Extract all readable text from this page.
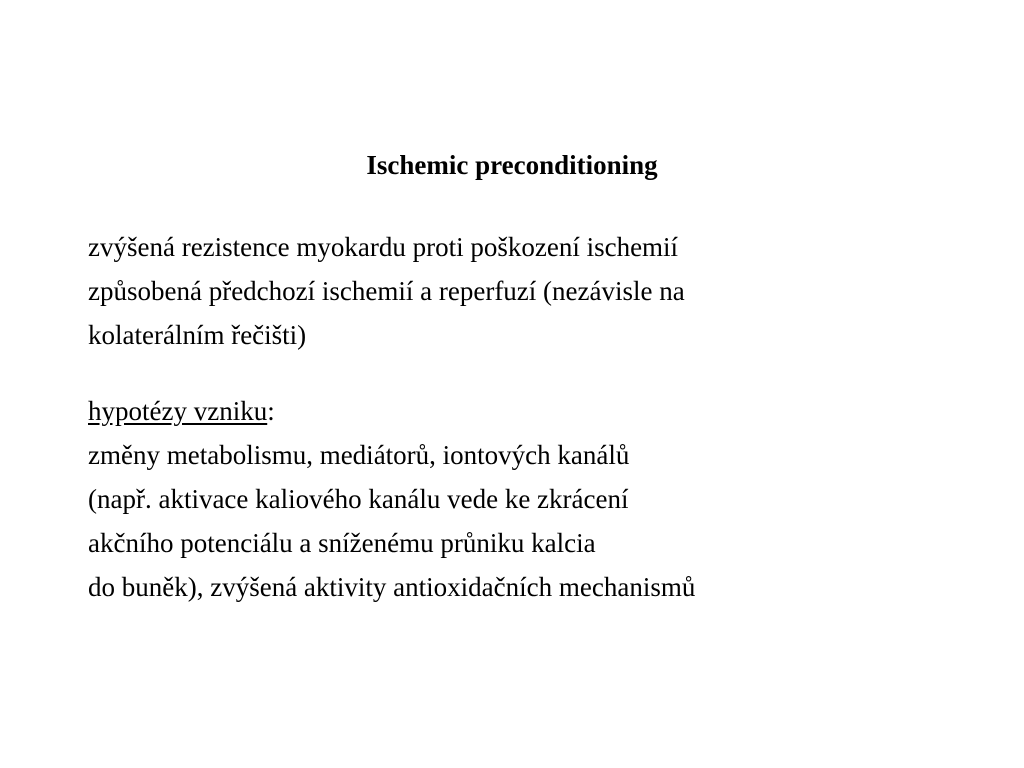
Ischemic preconditioning
zvýšená rezistence myokardu proti poškození ischemií
způsobená předchozí ischemií a reperfuzí (nezávisle na
kolaterálním řečišti)
hypotézy vzniku:
změny metabolismu, mediátorů, iontových kanálů
(např. aktivace kaliového kanálu vede ke zkrácení
akčního potenciálu a sníženému průniku kalcia
do buněk), zvýšená aktivity antioxidačních mechanismů
